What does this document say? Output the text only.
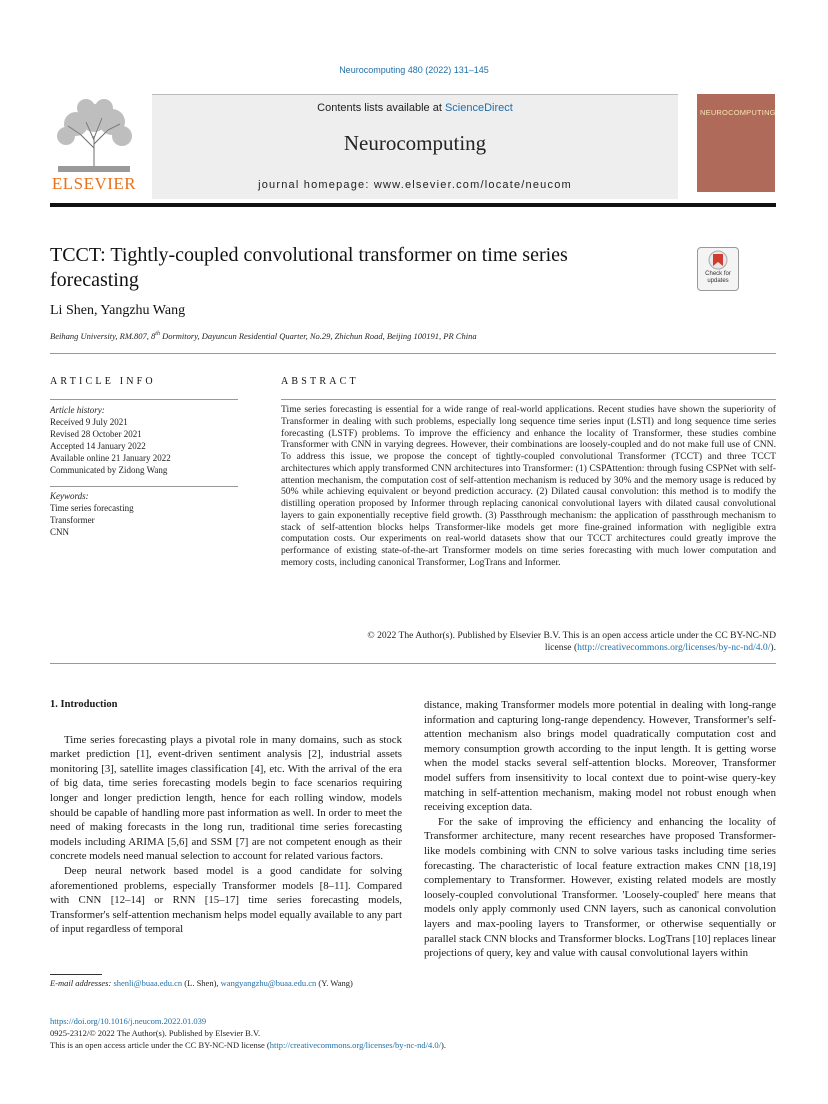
Neurocomputing 480 (2022) 131–145
ELSEVIER
Contents lists available at ScienceDirect
Neurocomputing
journal homepage: www.elsevier.com/locate/neucom
NEUROCOMPUTING
TCCT: Tightly-coupled convolutional transformer on time series forecasting	Check for
updates
Li Shen, Yangzhu Wang
Beihang University, RM.807, 8th Dormitory, Dayuncun Residential Quarter, No.29, Zhichun Road, Beijing 100191, PR China
ARTICLE INFO	ABSTRACT
Article history:
Received 9 July 2021
Revised 28 October 2021
Accepted 14 January 2022
Available online 21 January 2022
Communicated by Zidong Wang
Keywords:
Time series forecasting
Transformer
CNN

Time series forecasting is essential for a wide range of real-world applications. Recent studies have shown the superiority of Transformer in dealing with such problems, especially long sequence time series input (LSTI) and long sequence time series forecasting (LSTF) problems. To improve the efficiency and enhance the locality of Transformer, these studies combine Transformer with CNN in varying degrees. However, their combinations are loosely-coupled and do not make full use of CNN. To address this issue, we propose the concept of tightly-coupled convolutional Transformer (TCCT) and three TCCT architectures which apply transformed CNN architectures into Transformer: (1) CSPAttention: through fusing CSPNet with self-attention mechanism, the computation cost of self-attention mechanism is reduced by 30% and the memory usage is reduced by 50% while achieving equivalent or beyond prediction accuracy. (2) Dilated causal convolution: this method is to modify the distilling operation proposed by Informer through replacing canonical convolutional layers with dilated causal convolutional layers to gain exponentially receptive field growth. (3) Passthrough mechanism: the application of passthrough mechanism to stack of self-attention blocks helps Transformer-like models get more fine-grained information with negligible extra computation costs. Our experiments on real-world datasets show that our TCCT architectures could greatly improve the performance of existing state-of-the-art Transformer models on time series forecasting with much lower computation and memory costs, including canonical Transformer, LogTrans and Informer.

© 2022 The Author(s). Published by Elsevier B.V. This is an open access article under the CC BY-NC-ND
license (http://creativecommons.org/licenses/by-nc-nd/4.0/).

1. Introduction

Time series forecasting plays a pivotal role in many domains, such as stock market prediction [1], event-driven sentiment analysis [2], industrial assets monitoring [3], satellite images classification [4], etc. With the arrival of the era of big data, time series forecasting models begin to face scenarios requiring longer and longer prediction length, hence for each rolling window, models should be capable of handling more past information as well. In order to meet the need of making forecasts in the long run, traditional time series forecasting models including ARIMA [5,6] and SSM [7] are not competent enough as their concrete models need manual selection to account for related various factors.

Deep neural network based model is a good candidate for solving aforementioned problems, especially Transformer models [8–11]. Compared with CNN [12–14] or RNN [15–17] time series forecasting models, Transformer's self-attention mechanism helps model equally available to any part of input regardless of temporal

distance, making Transformer models more potential in dealing with long-range information and capturing long-range dependency. However, Transformer's self-attention mechanism also brings model quadratically computation cost and memory consumption growth according to the input length. It is getting worse when the model stacks several self-attention blocks. Moreover, Transformer model suffers from insensitivity to local context due to point-wise query-key matching in self-attention mechanism, making model not robust enough when receiving exception data.

For the sake of improving the efficiency and enhancing the locality of Transformer architecture, many recent researches have proposed Transformer-like models combining with CNN to solve various tasks including time series forecasting. The characteristic of local feature extraction makes CNN [18,19] complementary to Transformer. However, existing related models are mostly loosely-coupled convolutional Transformer. 'Loosely-coupled' here means that models only apply commonly used CNN layers, such as canonical convolution layers and max-pooling layers to Transformer, or otherwise sequentially or parallel stack CNN blocks and Transformer blocks. LogTrans [10] replaces linear projections of query, key and value with causal convolutional layers within

E-mail addresses: shenli@buaa.edu.cn (L. Shen), wangyangzhu@buaa.edu.cn (Y. Wang)
https://doi.org/10.1016/j.neucom.2022.01.039
0925-2312/© 2022 The Author(s). Published by Elsevier B.V.
This is an open access article under the CC BY-NC-ND license (http://creativecommons.org/licenses/by-nc-nd/4.0/).
